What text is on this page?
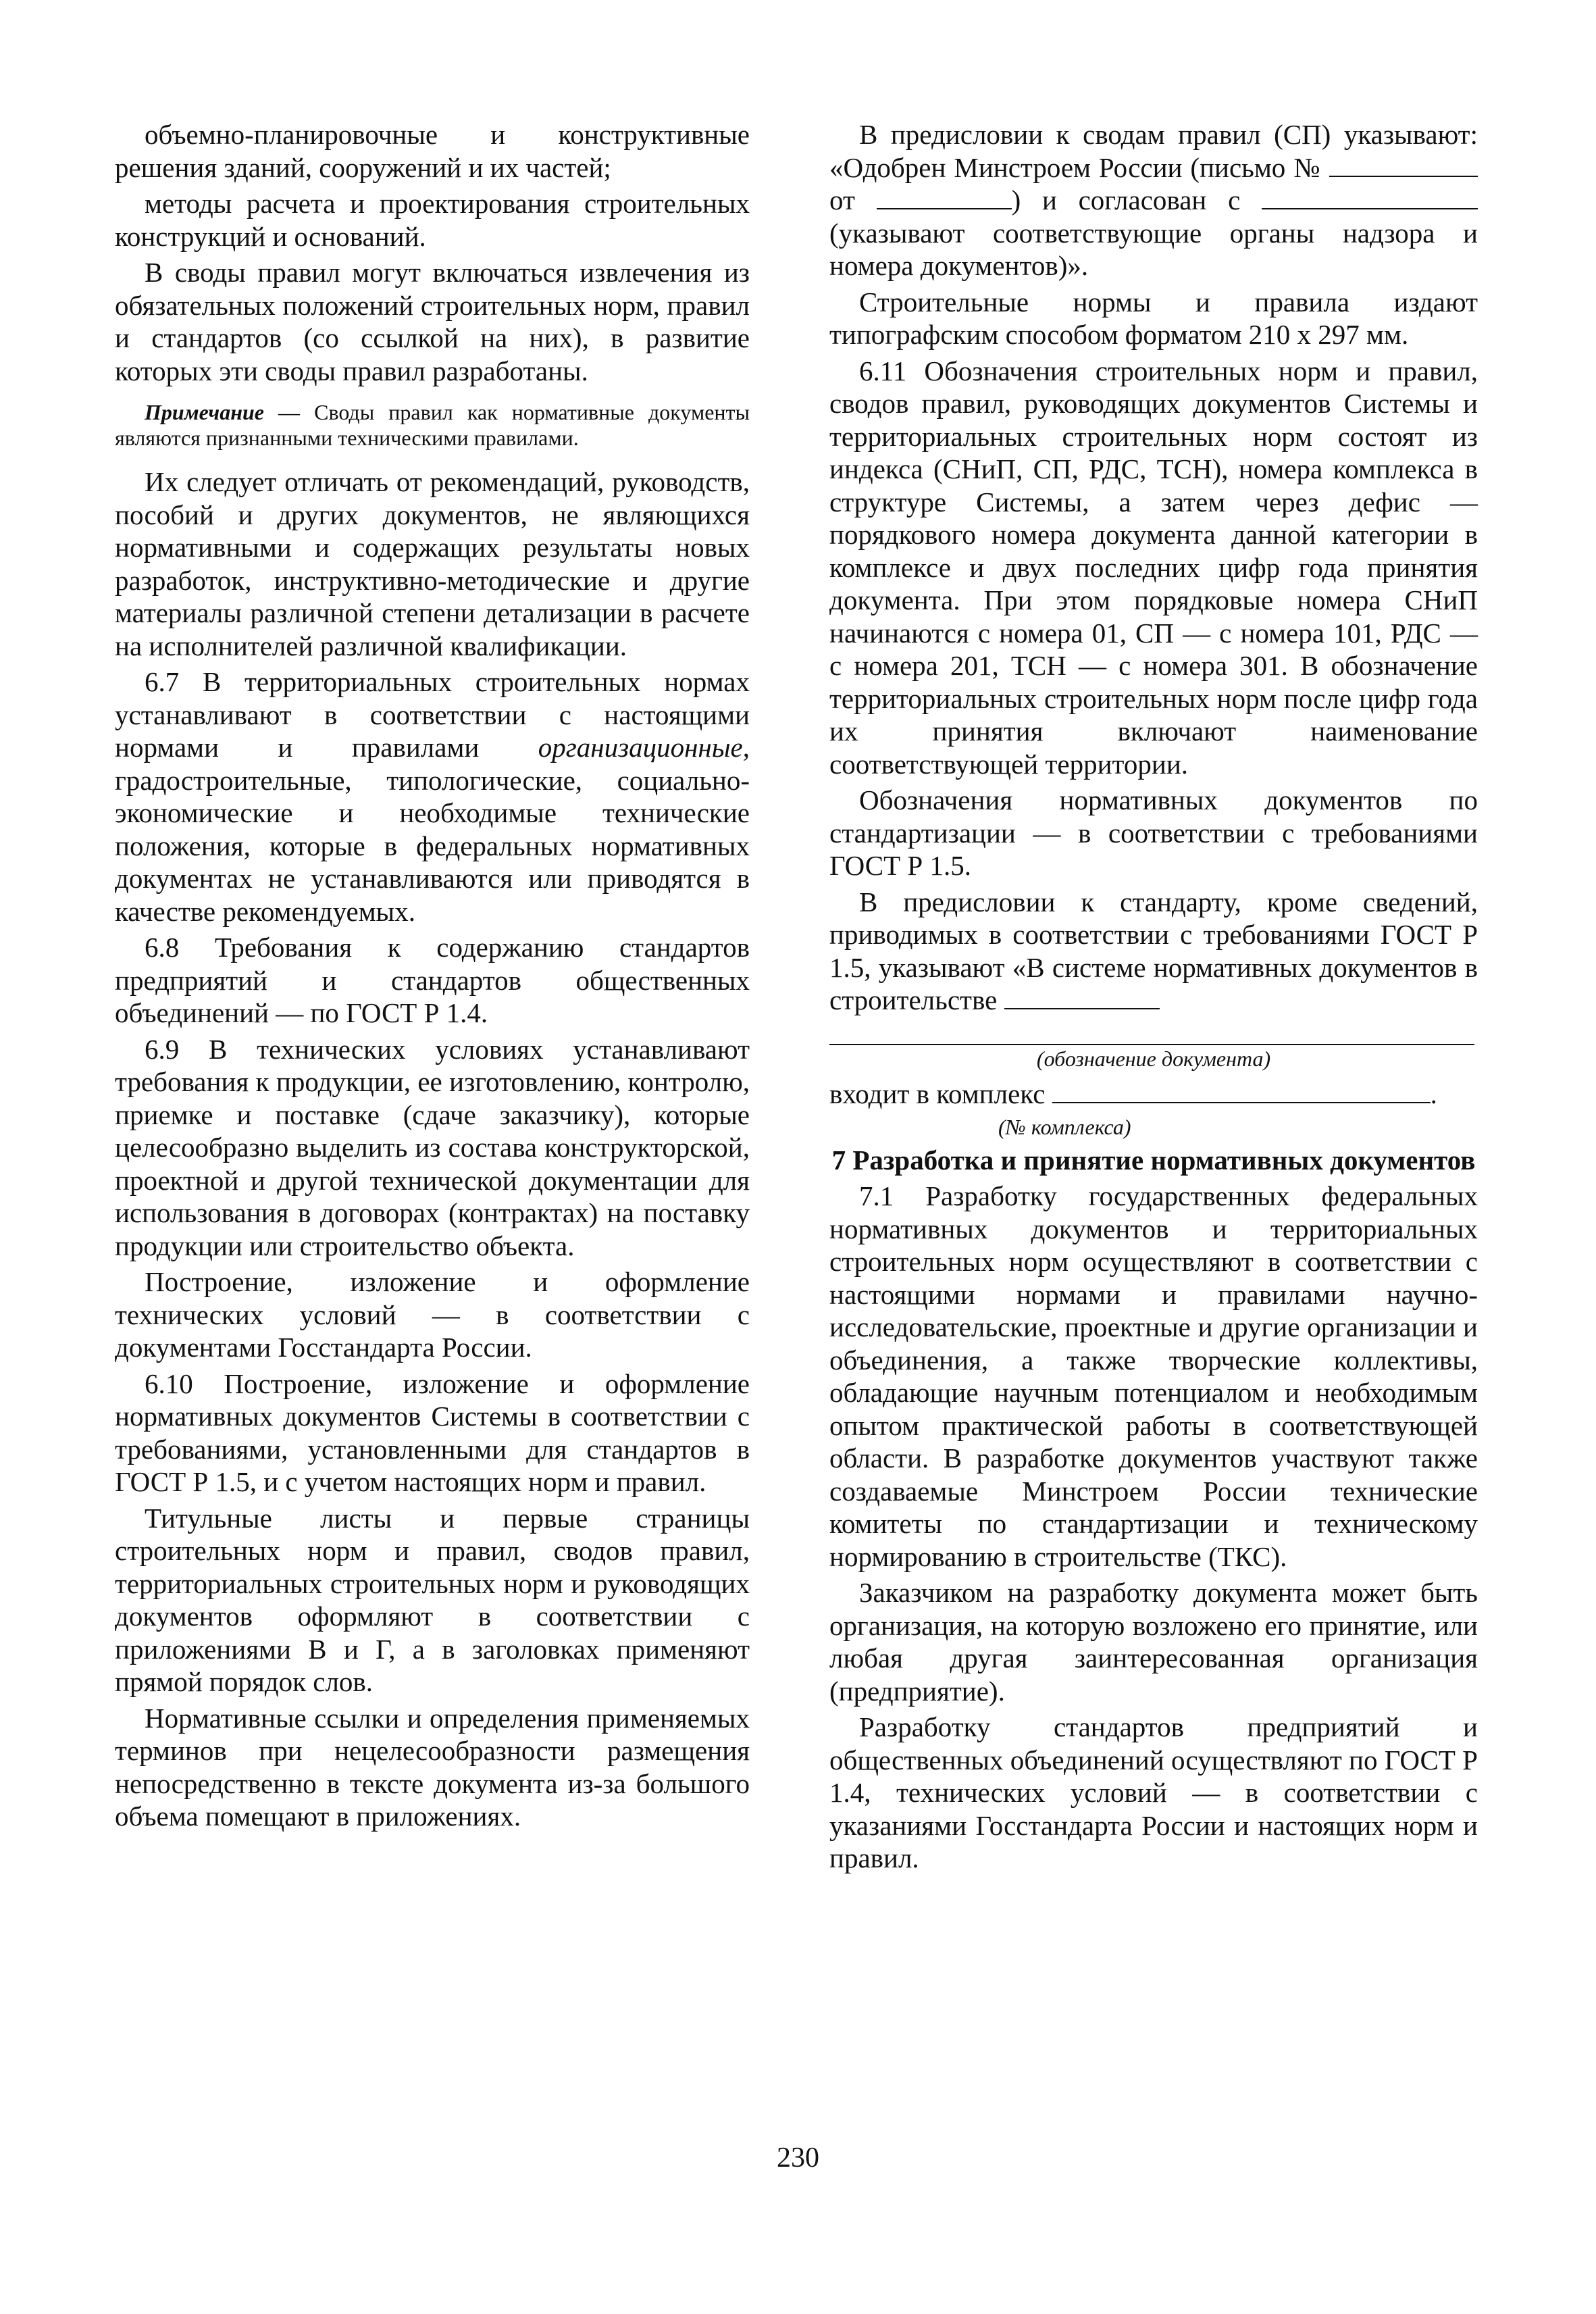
объемно-планировочные и конструктивные решения зданий, сооружений и их частей;

методы расчета и проектирования строительных конструкций и оснований.

В своды правил могут включаться извлечения из обязательных положений строительных норм, правил и стандартов (со ссылкой на них), в развитие которых эти своды правил разработаны.

Примечание — Своды правил как нормативные документы являются признанными техническими правилами.

Их следует отличать от рекомендаций, руководств, пособий и других документов, не являющихся нормативными и содержащих результаты новых разработок, инструктивно-методические и другие материалы различной степени детализации в расчете на исполнителей различной квалификации.

6.7 В территориальных строительных нормах устанавливают в соответствии с настоящими нормами и правилами организационные, градостроительные, типологические, социально-экономические и необходимые технические положения, которые в федеральных нормативных документах не устанавливаются или приводятся в качестве рекомендуемых.

6.8 Требования к содержанию стандартов предприятий и стандартов общественных объединений — по ГОСТ Р 1.4.

6.9 В технических условиях устанавливают требования к продукции, ее изготовлению, контролю, приемке и поставке (сдаче заказчику), которые целесообразно выделить из состава конструкторской, проектной и другой технической документации для использования в договорах (контрактах) на поставку продукции или строительство объекта.

Построение, изложение и оформление технических условий — в соответствии с документами Госстандарта России.

6.10 Построение, изложение и оформление нормативных документов Системы в соответствии с требованиями, установленными для стандартов в ГОСТ Р 1.5, и с учетом настоящих норм и правил.

Титульные листы и первые страницы строительных норм и правил, сводов правил, территориальных строительных норм и руководящих документов оформляют в соответствии с приложениями В и Г, а в заголовках применяют прямой порядок слов.

Нормативные ссылки и определения применяемых терминов при нецелесообразности размещения непосредственно в тексте документа из-за большого объема помещают в приложениях.

В предисловии к сводам правил (СП) указывают: «Одобрен Минстроем России (письмо №  от	) и согласован с  (указывают соответствующие органы надзора и номера документов)».

Строительные нормы и правила издают типографским способом форматом 210 х 297 мм.

6.11 Обозначения строительных норм и правил, сводов правил, руководящих документов Системы и территориальных строительных норм состоят из индекса (СНиП, СП, РДС, ТСН), номера комплекса в структуре Системы, а затем через дефис — порядкового номера документа данной категории в комплексе и двух последних цифр года принятия документа. При этом порядковые номера СНиП начинаются с номера 01, СП — с номера 101, РДС — с номера 201, ТСН — с номера 301. В обозначение территориальных строительных норм после цифр года их принятия включают наименование соответствующей территории.

Обозначения нормативных документов по стандартизации — в соответствии с требованиями ГОСТ Р 1.5.

В предисловии к стандарту, кроме сведений, приводимых в соответствии с требованиями ГОСТ Р 1.5, указывают «В системе нормативных документов в строительстве

(обозначение документа)

входит в комплекс	.

(№ комплекса)

7 Разработка и принятие нормативных документов

7.1 Разработку государственных федеральных нормативных документов и территориальных строительных норм осуществляют в соответствии с настоящими нормами и правилами научно-исследовательские, проектные и другие организации и объединения, а также творческие коллективы, обладающие научным потенциалом и необходимым опытом практической работы в соответствующей области. В разработке документов участвуют также создаваемые Минстроем России технические комитеты по стандартизации и техническому нормированию в строительстве (ТКС).

Заказчиком на разработку документа может быть организация, на которую возложено его принятие, или любая другая заинтересованная организация (предприятие).

Разработку стандартов предприятий и общественных объединений осуществляют по ГОСТ Р 1.4, технических условий — в соответствии с указаниями Госстандарта России и настоящих норм и правил.

230
